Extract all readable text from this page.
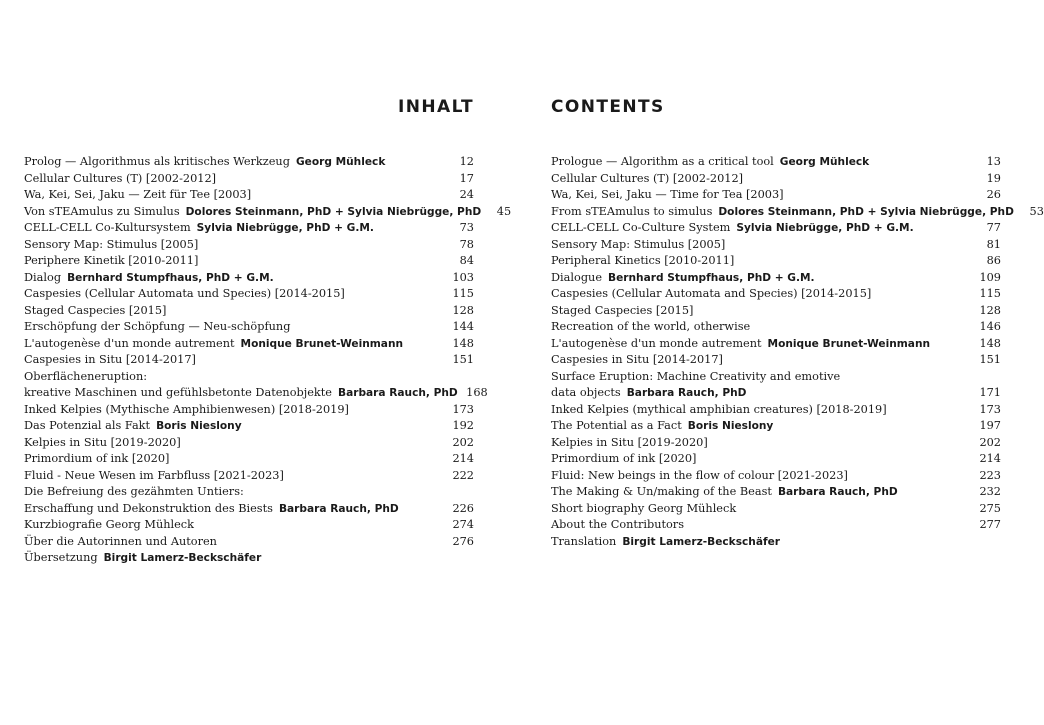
INHALT
Prolog — Algorithmus als kritisches Werkzeug Georg Mühleck	12
Cellular Cultures (T) [2002-2012]	17
Wa, Kei, Sei, Jaku — Zeit für Tee [2003]	24
Von sTEAmulus zu Simulus Dolores Steinmann, PhD + Sylvia Niebrügge, PhD	45
CELL-CELL Co-Kultursystem Sylvia Niebrügge, PhD + G.M.	73
Sensory Map: Stimulus [2005]	78
Periphere Kinetik [2010-2011]	84
Dialog Bernhard Stumpfhaus, PhD + G.M.	103
Caspesies (Cellular Automata und Species) [2014-2015]	115
Staged Caspecies [2015]	128
Erschöpfung der Schöpfung — Neu-schöpfung	144
L'autogenèse d'un monde autrement Monique Brunet-Weinmann	148
Caspesies in Situ [2014-2017]	151
Oberflächeneruption:
kreative Maschinen und gefühlsbetonte Datenobjekte Barbara Rauch, PhD 168
Inked Kelpies (Mythische Amphibienwesen) [2018-2019]	173
Das Potenzial als Fakt Boris Nieslony	192
Kelpies in Situ [2019-2020]	202
Primordium of ink [2020]	214
Fluid - Neue Wesen im Farbfluss [2021-2023]	222
Die Befreiung des gezähmten Untiers:
Erschaffung und Dekonstruktion des Biests Barbara Rauch, PhD	226
Kurzbiografie Georg Mühleck	274
Über die Autorinnen und Autoren	276
Übersetzung Birgit Lamerz-Beckschäfer
CONTENTS
Prologue — Algorithm as a critical tool Georg Mühleck	13
Cellular Cultures (T) [2002-2012]	19
Wa, Kei, Sei, Jaku — Time for Tea [2003]	26
From sTEAmulus to simulus Dolores Steinmann, PhD + Sylvia Niebrügge, PhD	53
CELL-CELL Co-Culture System Sylvia Niebrügge, PhD + G.M.	77
Sensory Map: Stimulus [2005]	81
Peripheral Kinetics [2010-2011]	86
Dialogue Bernhard Stumpfhaus, PhD + G.M.	109
Caspesies (Cellular Automata and Species) [2014-2015]	115
Staged Caspecies [2015]	128
Recreation of the world, otherwise	146
L'autogenèse d'un monde autrement Monique Brunet-Weinmann	148
Caspesies in Situ [2014-2017]	151
Surface Eruption: Machine Creativity and emotive
data objects Barbara Rauch, PhD	171
Inked Kelpies (mythical amphibian creatures) [2018-2019]	173
The Potential as a Fact Boris Nieslony	197
Kelpies in Situ [2019-2020]	202
Primordium of ink [2020]	214
Fluid: New beings in the flow of colour [2021-2023]	223
The Making & Un/making of the Beast Barbara Rauch, PhD	232
Short biography Georg Mühleck	275
About the Contributors	277
Translation Birgit Lamerz-Beckschäfer
